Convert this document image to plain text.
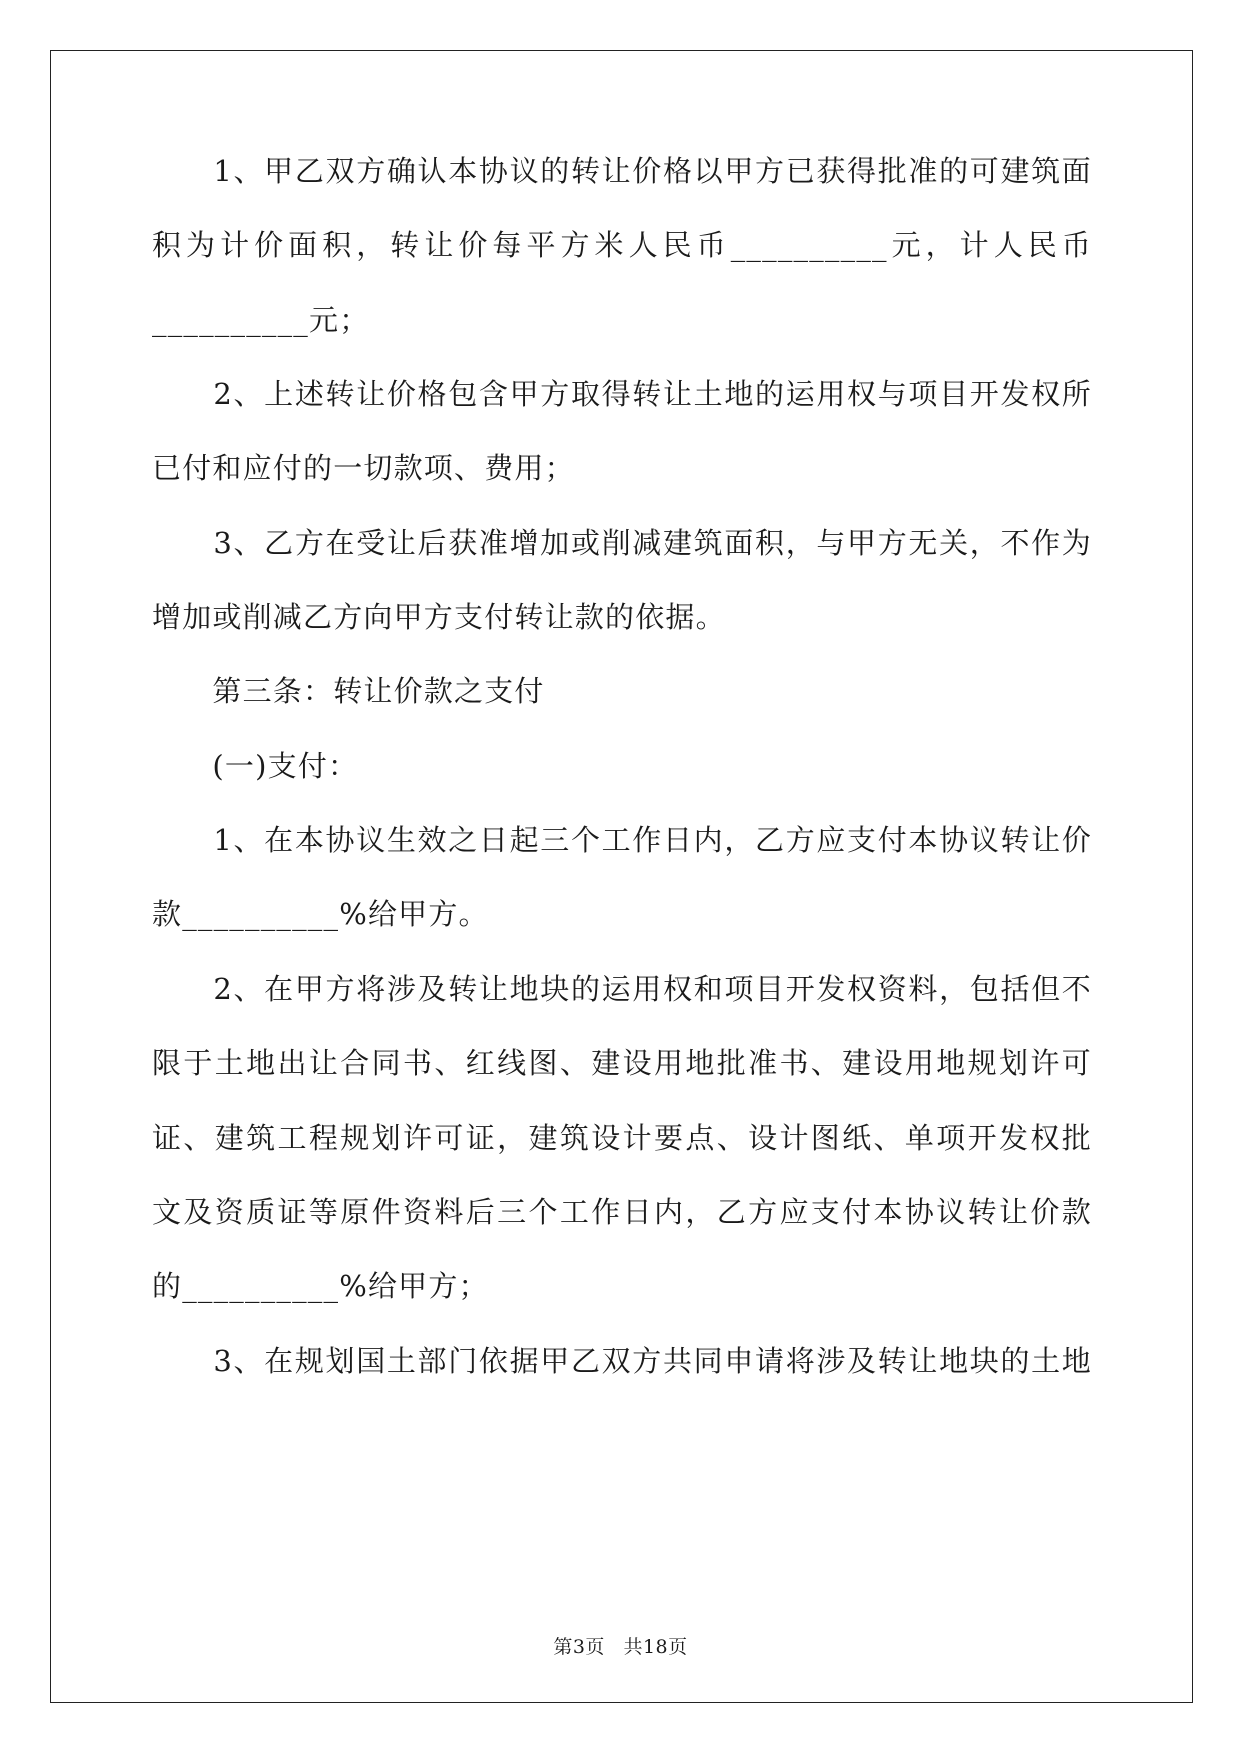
　　1、甲乙双方确认本协议的转让价格以甲方已获得批准的可建筑面
积为计价面积，转让价每平方米人民币__________元，计人民币
__________元；
　　2、上述转让价格包含甲方取得转让土地的运用权与项目开发权所
已付和应付的一切款项、费用；
　　3、乙方在受让后获准增加或削减建筑面积，与甲方无关，不作为
增加或削减乙方向甲方支付转让款的依据。
　　第三条：转让价款之支付
　　(一)支付：
　　1、在本协议生效之日起三个工作日内，乙方应支付本协议转让价
款__________%给甲方。
　　2、在甲方将涉及转让地块的运用权和项目开发权资料，包括但不
限于土地出让合同书、红线图、建设用地批准书、建设用地规划许可
证、建筑工程规划许可证，建筑设计要点、设计图纸、单项开发权批
文及资质证等原件资料后三个工作日内，乙方应支付本协议转让价款
的__________%给甲方；
　　3、在规划国土部门依据甲乙双方共同申请将涉及转让地块的土地
第3页 共18页
